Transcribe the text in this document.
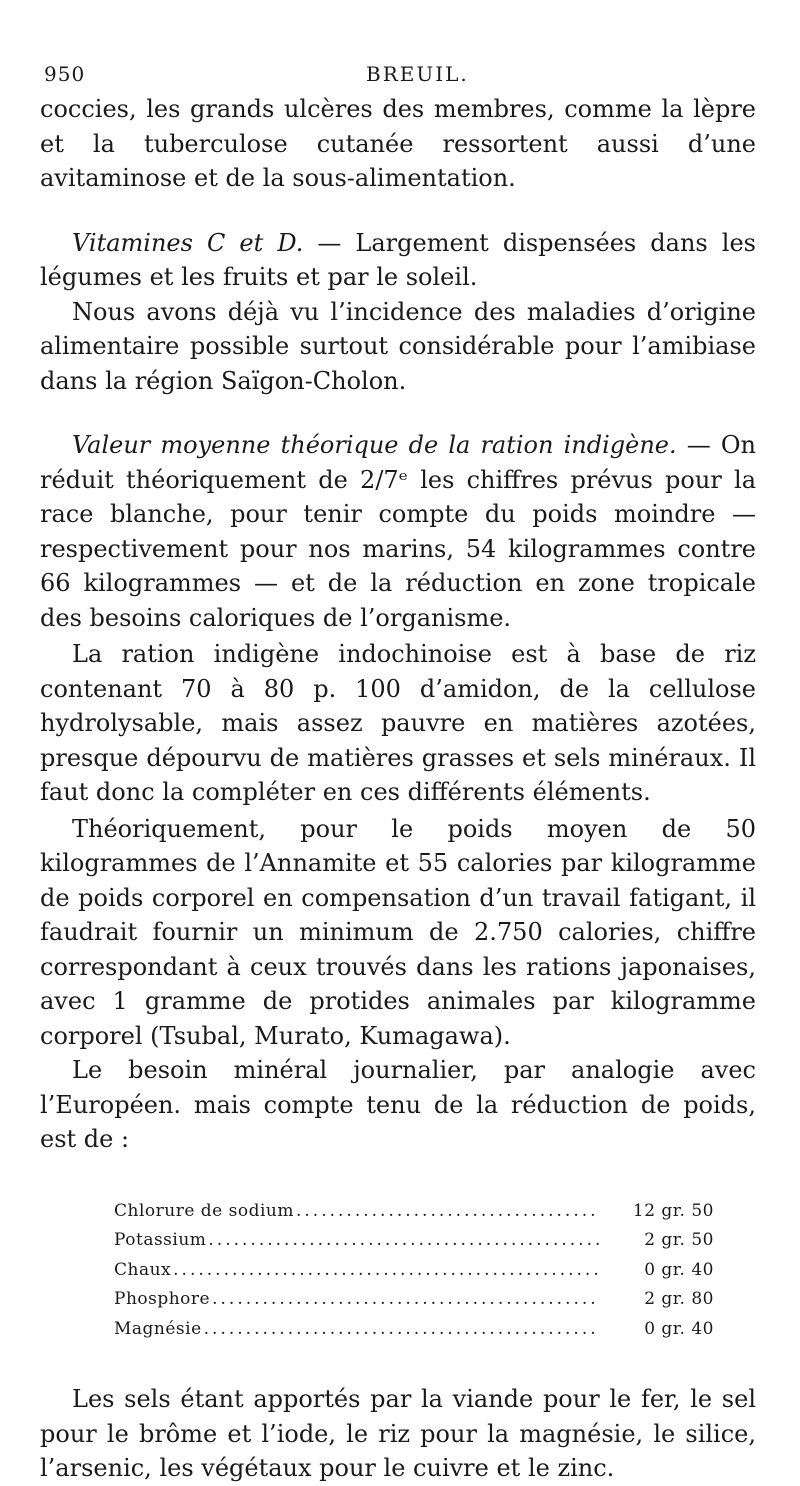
950	BREUIL.

coccies, les grands ulcères des membres, comme la lèpre et la tuberculose cutanée ressortent aussi d’une avitaminose et de la sous-alimentation.

Vitamines C et D. — Largement dispensées dans les légumes et les fruits et par le soleil.

Nous avons déjà vu l’incidence des maladies d’origine alimentaire possible surtout considérable pour l’amibiase dans la région Saïgon-Cholon.

Valeur moyenne théorique de la ration indigène. — On réduit théoriquement de 2/7ᵉ les chiffres prévus pour la race blanche, pour tenir compte du poids moindre — respectivement pour nos marins, 54 kilogrammes contre 66 kilogrammes — et de la réduction en zone tropicale des besoins caloriques de l’organisme.

La ration indigène indochinoise est à base de riz contenant 70 à 80 p. 100 d’amidon, de la cellulose hydrolysable, mais assez pauvre en matières azotées, presque dépourvu de matières grasses et sels minéraux. Il faut donc la compléter en ces différents éléments.

Théoriquement, pour le poids moyen de 50 kilogrammes de l’Annamite et 55 calories par kilogramme de poids corporel en compensation d’un travail fatigant, il faudrait fournir un minimum de 2.750 calories, chiffre correspondant à ceux trouvés dans les rations japonaises, avec 1 gramme de protides animales par kilogramme corporel (Tsubal, Murato, Kumagawa).

Le besoin minéral journalier, par analogie avec l’Européen. mais compte tenu de la réduction de poids, est de :

Chlorure de sodium .....	12 gr. 50
Potassium .....	2 gr. 50
Chaux .....	0 gr. 40
Phosphore .....	2 gr. 80
Magnésie .....	0 gr. 40

Les sels étant apportés par la viande pour le fer, le sel pour le brôme et l’iode, le riz pour la magnésie, le silice, l’arsenic, les végétaux pour le cuivre et le zinc.
